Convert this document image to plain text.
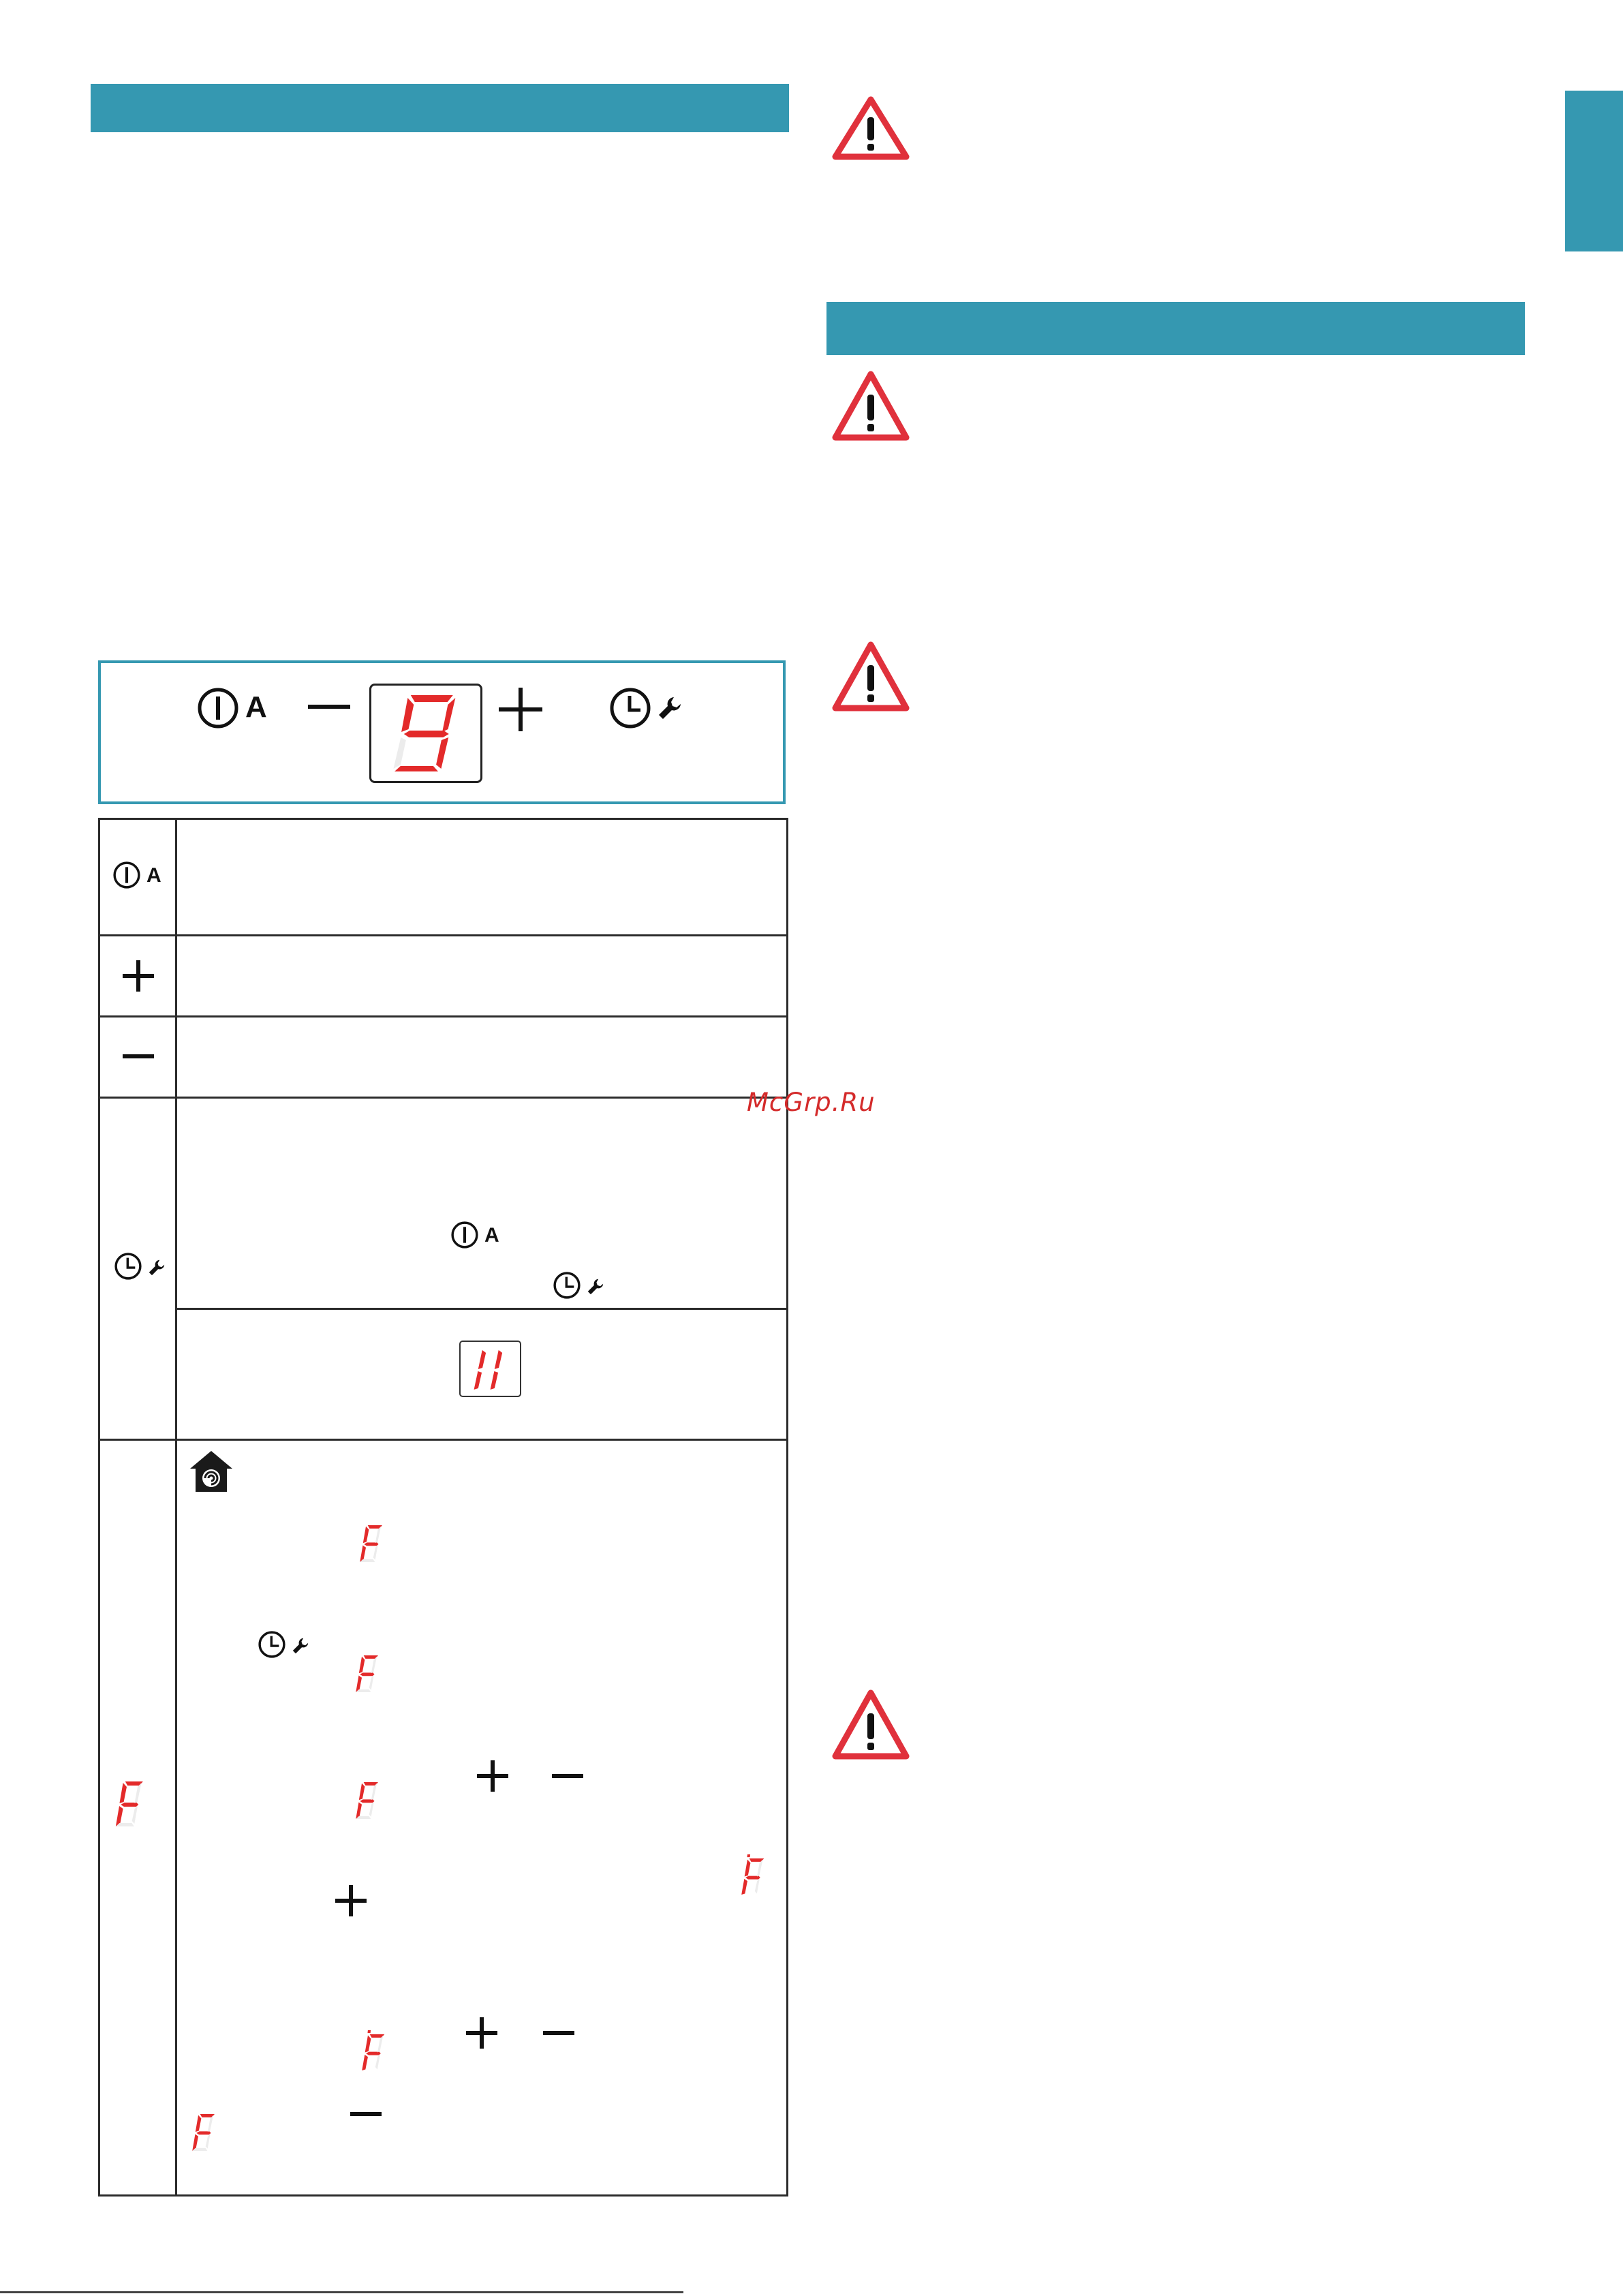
A
A
A
McGrp.Ru
